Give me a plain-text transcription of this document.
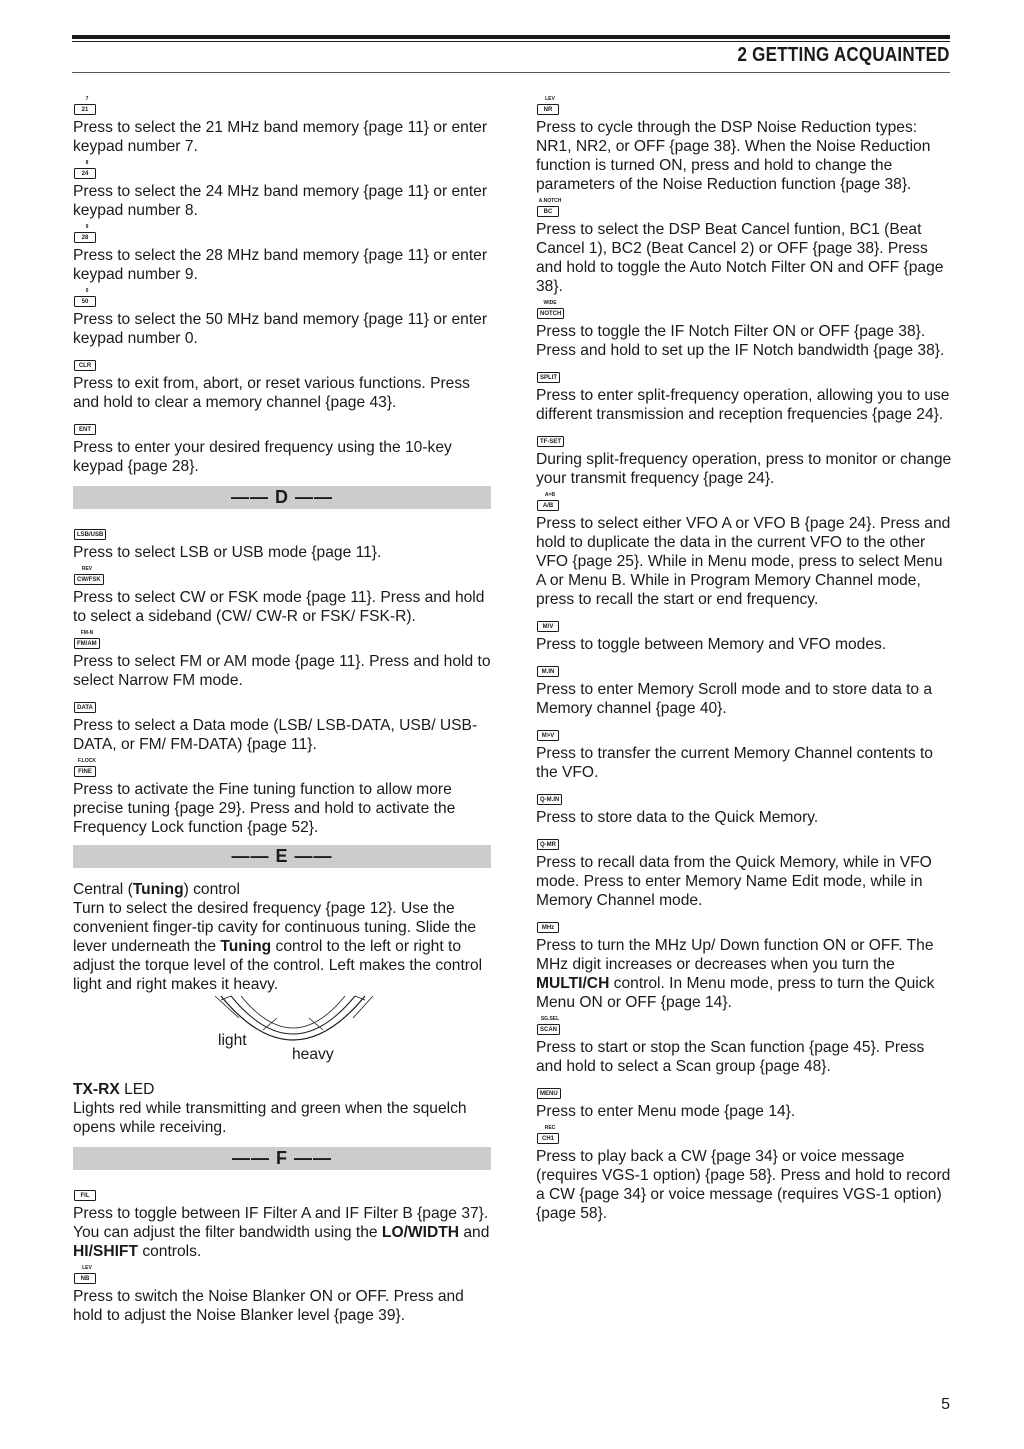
2 GETTING ACQUAINTED
7
21

Press to select the 21 MHz band memory {page 11} or enter keypad number 7.

8
24

Press to select the 24 MHz band memory {page 11} or enter keypad number 8.

9
28

Press to select the 28 MHz band memory {page 11} or enter keypad number 9.

0
50

Press to select the 50 MHz band memory {page 11} or enter keypad number 0.

CLR

Press to exit from, abort, or reset various functions. Press and hold to clear a memory channel {page 43}.

ENT

Press to enter your desired frequency using the 10-key keypad {page 28}.

—— D ——
LSB/USB

Press to select LSB or USB mode {page 11}.

REV
CW/FSK

Press to select CW or FSK mode {page 11}. Press and hold to select a sideband (CW/ CW-R or FSK/ FSK-R).

FM-N
FM/AM

Press to select FM or AM mode {page 11}. Press and hold to select Narrow FM mode.

DATA

Press to select a Data mode (LSB/ LSB-DATA, USB/ USB-DATA, or FM/ FM-DATA) {page 11}.

F.LOCK
FINE

Press to activate the Fine tuning function to allow more precise tuning {page 29}. Press and hold to activate the Frequency Lock function {page 52}.

—— E ——

Central (Tuning) control

Turn to select the desired frequency {page 12}. Use the convenient finger-tip cavity for continuous tuning. Slide the lever underneath the Tuning control to the left or right to adjust the torque level of the control. Left makes the control light and right makes it heavy.

light
heavy

TX-RX LED

Lights red while transmitting and green when the squelch opens while receiving.

—— F ——
FIL

Press to toggle between IF Filter A and IF Filter B {page 37}. You can adjust the filter bandwidth using the LO/WIDTH and HI/SHIFT controls.

LEV
NB

Press to switch the Noise Blanker ON or OFF. Press and hold to adjust the Noise Blanker level {page 39}.

LEV
NR

Press to cycle through the DSP Noise Reduction types: NR1, NR2, or OFF {page 38}. When the Noise Reduction function is turned ON, press and hold to change the parameters of the Noise Reduction function {page 38}.

A.NOTCH
BC

Press to select the DSP Beat Cancel funtion, BC1 (Beat Cancel 1), BC2 (Beat Cancel 2) or OFF {page 38}. Press and hold to toggle the Auto Notch Filter ON and OFF {page 38}.

WIDE
NOTCH

Press to toggle the IF Notch Filter ON or OFF {page 38}. Press and hold to set up the IF Notch bandwidth {page 38}.

SPLIT

Press to enter split-frequency operation, allowing you to use different transmission and reception frequencies {page 24}.

TF-SET

During split-frequency operation, press to monitor or change your transmit frequency {page 24}.

A=B
A/B

Press to select either VFO A or VFO B {page 24}. Press and hold to duplicate the data in the current VFO to the other VFO {page 25}. While in Menu mode, press to select Menu A or Menu B. While in Program Memory Channel mode, press to recall the start or end frequency.

M/V

Press to toggle between Memory and VFO modes.

M.IN

Press to enter Memory Scroll mode and to store data to a Memory channel {page 40}.

M>V

Press to transfer the current Memory Channel contents to the VFO.

Q-M.IN

Press to store data to the Quick Memory.

Q-MR

Press to recall data from the Quick Memory, while in VFO mode. Press to enter Memory Name Edit mode, while in Memory Channel mode.

MHz

Press to turn the MHz Up/ Down function ON or OFF. The MHz digit increases or decreases when you turn the MULTI/CH control. In Menu mode, press to turn the Quick Menu ON or OFF {page 14}.

SG.SEL
SCAN

Press to start or stop the Scan function {page 45}. Press and hold to select a Scan group {page 48}.

MENU

Press to enter Menu mode {page 14}.

REC
CH1

Press to play back a CW {page 34} or voice message (requires VGS-1 option) {page 58}. Press and hold to record a CW {page 34} or voice message (requires VGS-1 option) {page 58}.

5
